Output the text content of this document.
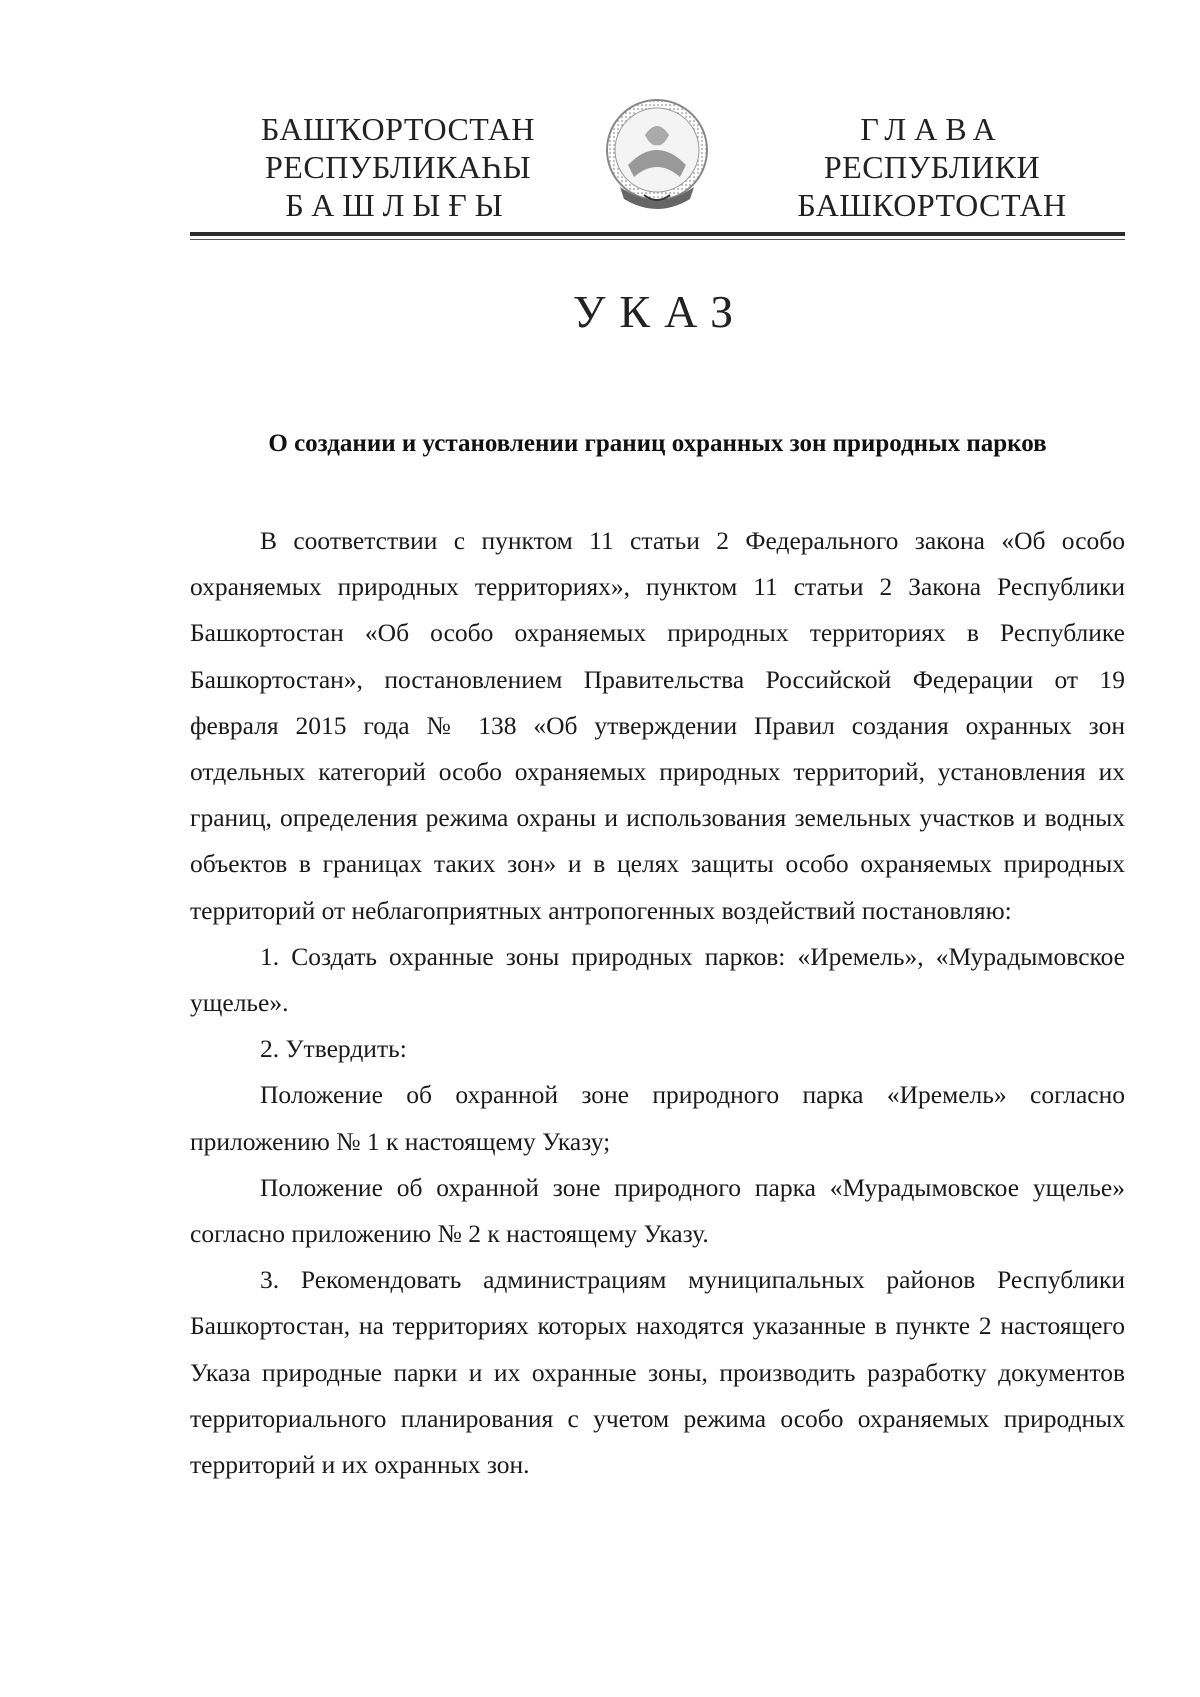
БАШҠОРТОСТАН
РЕСПУБЛИКАҺЫ
БАШЛЫҒЫ
ГЛАВА
РЕСПУБЛИКИ
БАШКОРТОСТАН
УКАЗ
О создании и установлении границ охранных зон природных парков

В соответствии с пунктом 11 статьи 2 Федерального закона «Об особо охраняемых природных территориях», пунктом 11 статьи 2 Закона Республики Башкортостан «Об особо охраняемых природных территориях в Республике Башкортостан», постановлением Правительства Российской Федерации от 19 февраля 2015 года № 138 «Об утверждении Правил создания охранных зон отдельных категорий особо охраняемых природных территорий, установления их границ, определения режима охраны и использования земельных участков и водных объектов в границах таких зон» и в целях защиты особо охраняемых природных территорий от неблагоприятных антропогенных воздействий постановляю:

1. Создать охранные зоны природных парков: «Иремель», «Мурадымовское ущелье».

2. Утвердить:

Положение об охранной зоне природного парка «Иремель» согласно приложению № 1 к настоящему Указу;

Положение об охранной зоне природного парка «Мурадымовское ущелье» согласно приложению № 2 к настоящему Указу.

3. Рекомендовать администрациям муниципальных районов Республики Башкортостан, на территориях которых находятся указанные в пункте 2 настоящего Указа природные парки и их охранные зоны, производить разработку документов территориального планирования с учетом режима особо охраняемых природных территорий и их охранных зон.
